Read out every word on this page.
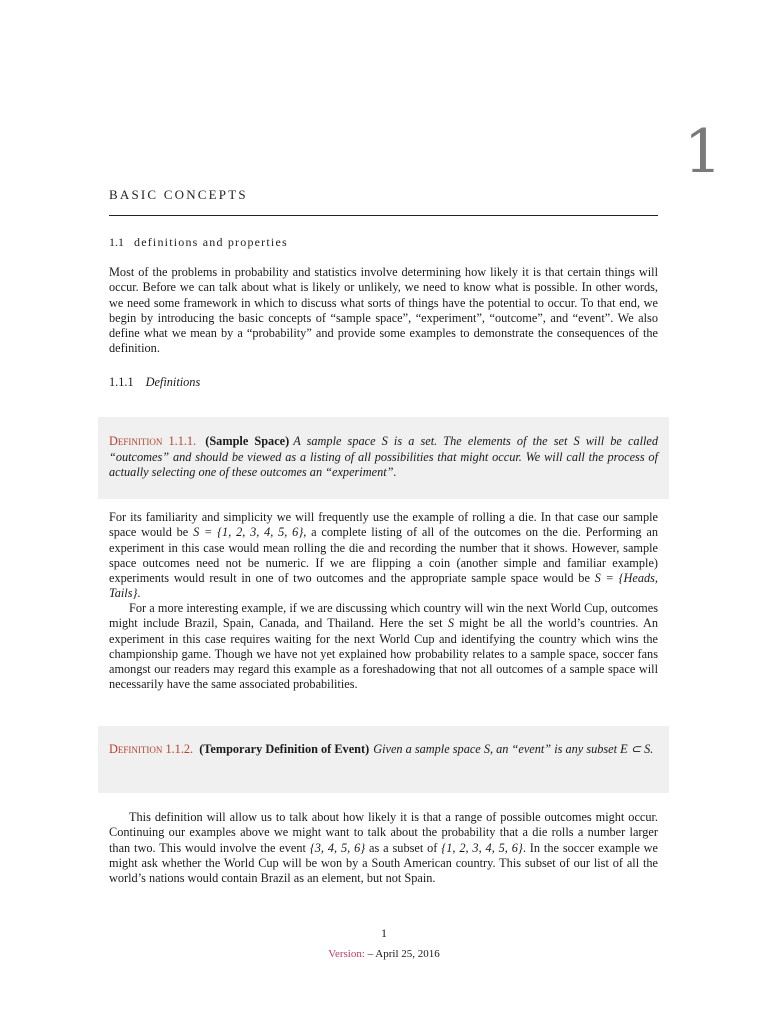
1
BASIC CONCEPTS
1.1 definitions and properties
Most of the problems in probability and statistics involve determining how likely it is that certain things will occur. Before we can talk about what is likely or unlikely, we need to know what is possible. In other words, we need some framework in which to discuss what sorts of things have the potential to occur. To that end, we begin by introducing the basic concepts of “sample space”, “experiment”, “outcome”, and “event”. We also define what we mean by a “probability” and provide some examples to demonstrate the consequences of the definition.
1.1.1 Definitions
Definition 1.1.1. (Sample Space) A sample space S is a set. The elements of the set S will be called “outcomes” and should be viewed as a listing of all possibilities that might occur. We will call the process of actually selecting one of these outcomes an “experiment”.
For its familiarity and simplicity we will frequently use the example of rolling a die. In that case our sample space would be S = {1, 2, 3, 4, 5, 6}, a complete listing of all of the outcomes on the die. Performing an experiment in this case would mean rolling the die and recording the number that it shows. However, sample space outcomes need not be numeric. If we are flipping a coin (another simple and familiar example) experiments would result in one of two outcomes and the appropriate sample space would be S = {Heads, Tails}.
For a more interesting example, if we are discussing which country will win the next World Cup, outcomes might include Brazil, Spain, Canada, and Thailand. Here the set S might be all the world’s countries. An experiment in this case requires waiting for the next World Cup and identifying the country which wins the championship game. Though we have not yet explained how probability relates to a sample space, soccer fans amongst our readers may regard this example as a foreshadowing that not all outcomes of a sample space will necessarily have the same associated probabilities.
Definition 1.1.2. (Temporary Definition of Event) Given a sample space S, an “event” is any subset E ⊂ S.
This definition will allow us to talk about how likely it is that a range of possible outcomes might occur. Continuing our examples above we might want to talk about the probability that a die rolls a number larger than two. This would involve the event {3, 4, 5, 6} as a subset of {1, 2, 3, 4, 5, 6}. In the soccer example we might ask whether the World Cup will be won by a South American country. This subset of our list of all the world’s nations would contain Brazil as an element, but not Spain.
1
Version: – April 25, 2016
